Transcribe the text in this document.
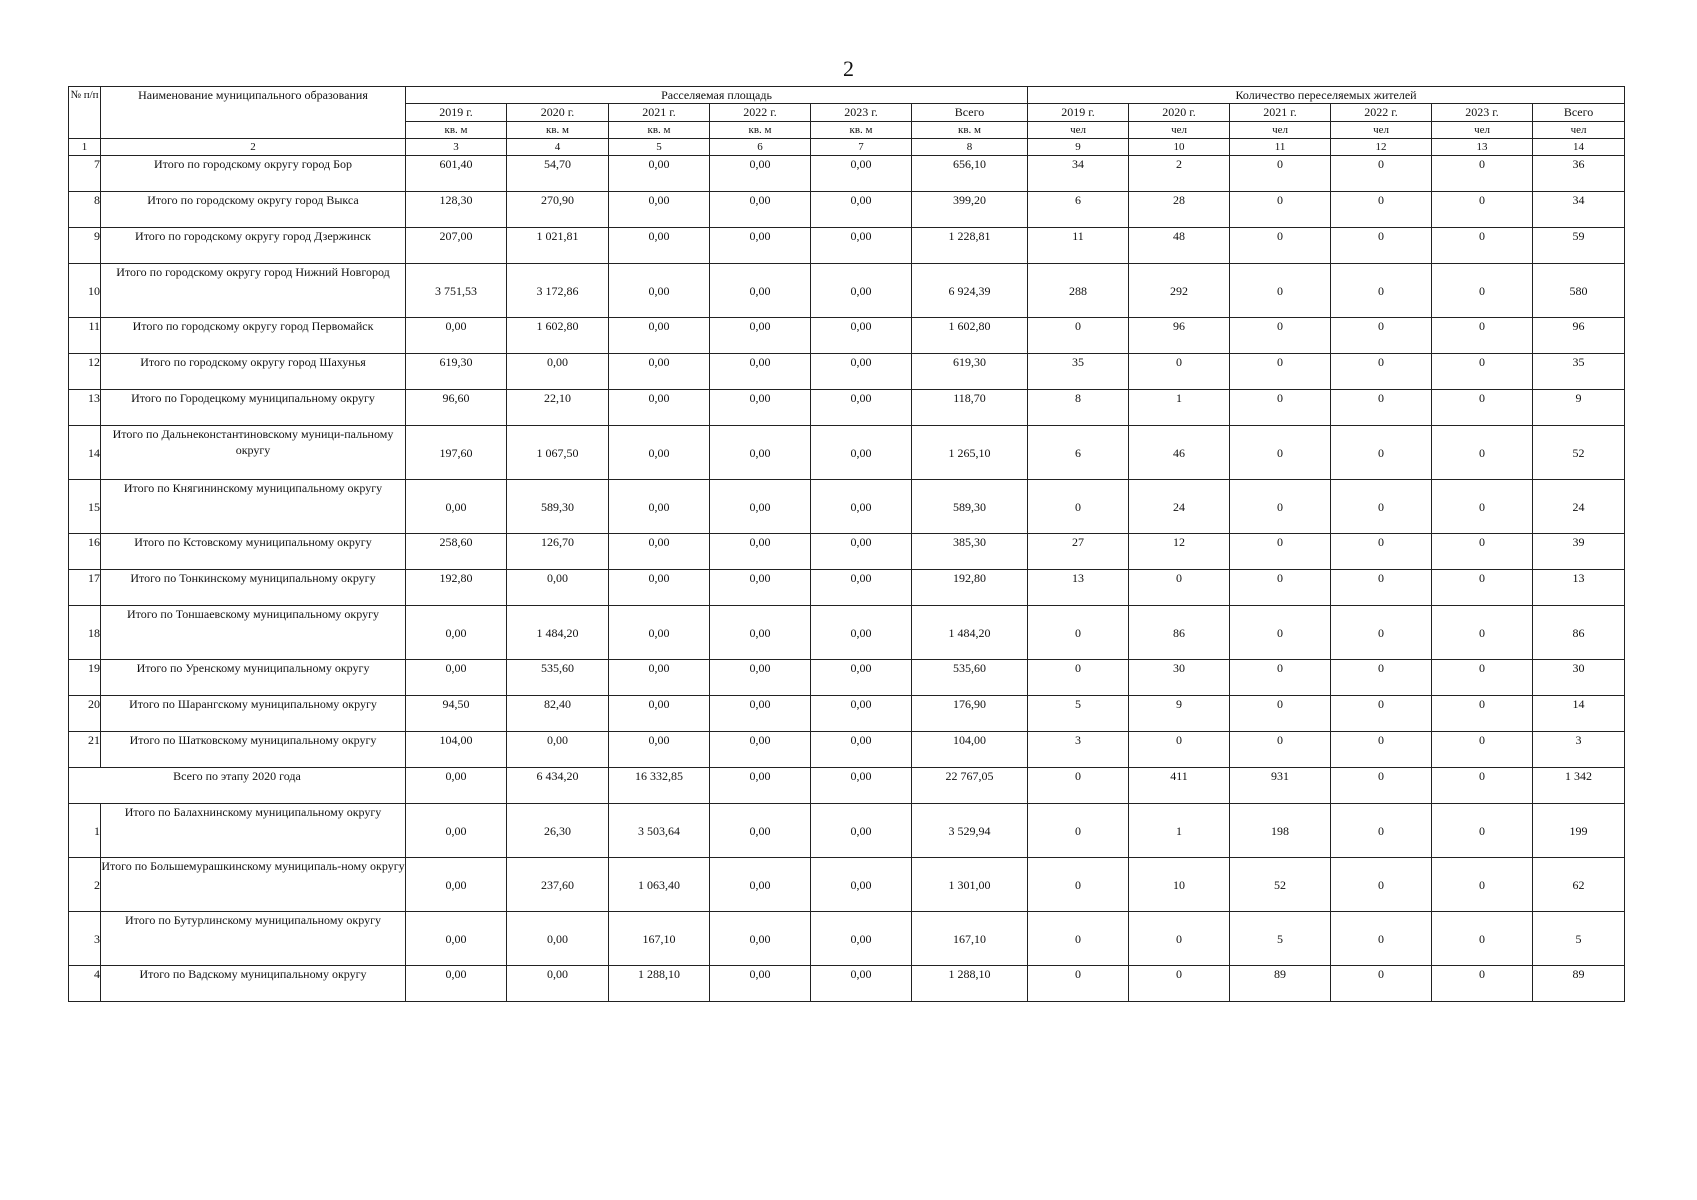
2
№ п/п	Наименование муниципального образования	Расселяемая площадь						Количество переселяемых жителей					
		2019 г.	2020 г.	2021 г.	2022 г.	2023 г.	Всего	2019 г.	2020 г.	2021 г.	2022 г.	2023 г.	Всего
		кв. м	кв. м	кв. м	кв. м	кв. м	кв. м	чел	чел	чел	чел	чел	чел
1	2	3	4	5	6	7	8	9	10	11	12	13	14
7	Итого по городскому округу город Бор	601,40	54,70	0,00	0,00	0,00	656,10	34	2	0	0	0	36
8	Итого по городскому округу город Выкса	128,30	270,90	0,00	0,00	0,00	399,20	6	28	0	0	0	34
9	Итого по городскому округу город Дзержинск	207,00	1 021,81	0,00	0,00	0,00	1 228,81	11	48	0	0	0	59
10	Итого по городскому округу город Нижний Новгород	3 751,53	3 172,86	0,00	0,00	0,00	6 924,39	288	292	0	0	0	580
11	Итого по городскому округу город Первомайск	0,00	1 602,80	0,00	0,00	0,00	1 602,80	0	96	0	0	0	96
12	Итого по городскому округу город Шахунья	619,30	0,00	0,00	0,00	0,00	619,30	35	0	0	0	0	35
13	Итого по Городецкому муниципальному округу	96,60	22,10	0,00	0,00	0,00	118,70	8	1	0	0	0	9
14	Итого по Дальнеконстантиновскому муници-пальному округу	197,60	1 067,50	0,00	0,00	0,00	1 265,10	6	46	0	0	0	52
15	Итого по Княгининскому муниципальному округу	0,00	589,30	0,00	0,00	0,00	589,30	0	24	0	0	0	24
16	Итого по Кстовскому муниципальному округу	258,60	126,70	0,00	0,00	0,00	385,30	27	12	0	0	0	39
17	Итого по Тонкинскому муниципальному округу	192,80	0,00	0,00	0,00	0,00	192,80	13	0	0	0	0	13
18	Итого по Тоншаевскому муниципальному округу	0,00	1 484,20	0,00	0,00	0,00	1 484,20	0	86	0	0	0	86
19	Итого по Уренскому муниципальному округу	0,00	535,60	0,00	0,00	0,00	535,60	0	30	0	0	0	30
20	Итого по Шарангскому муниципальному округу	94,50	82,40	0,00	0,00	0,00	176,90	5	9	0	0	0	14
21	Итого по Шатковскому муниципальному округу	104,00	0,00	0,00	0,00	0,00	104,00	3	0	0	0	0	3
Всего по этапу 2020 года		0,00	6 434,20	16 332,85	0,00	0,00	22 767,05	0	411	931	0	0	1 342
1	Итого по Балахнинскому муниципальному округу	0,00	26,30	3 503,64	0,00	0,00	3 529,94	0	1	198	0	0	199
2	Итого по Большемурашкинскому муниципаль-ному округу	0,00	237,60	1 063,40	0,00	0,00	1 301,00	0	10	52	0	0	62
3	Итого по Бутурлинскому муниципальному округу	0,00	0,00	167,10	0,00	0,00	167,10	0	0	5	0	0	5
4	Итого по Вадскому муниципальному округу	0,00	0,00	1 288,10	0,00	0,00	1 288,10	0	0	89	0	0	89
